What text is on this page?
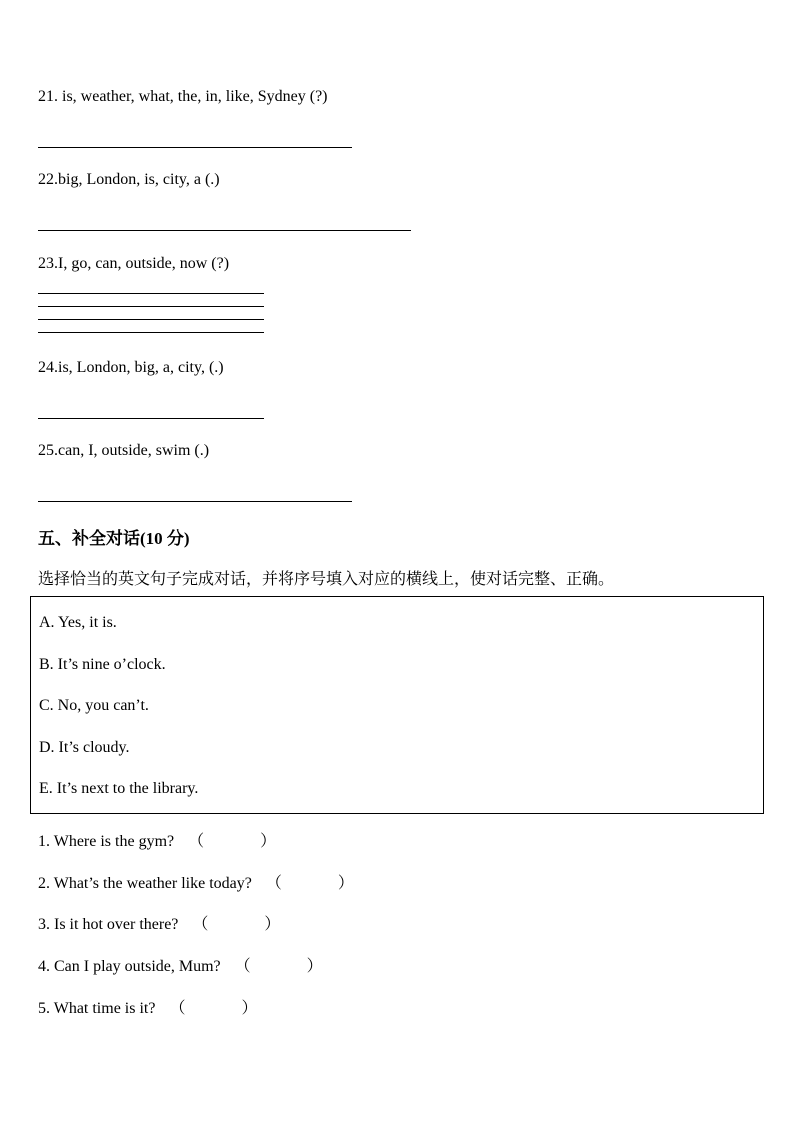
21. is, weather, what, the, in, like, Sydney (?)
22.big, London, is, city, a (.)
23.I, go, can, outside, now (?)
24.is, London, big, a, city, (.)
25.can, I, outside, swim (.)
五、补全对话(10 分)
选择恰当的英文句子完成对话，并将序号填入对应的横线上，使对话完整、正确。
A. Yes, it is.
B. It’s nine o’clock.
C. No, you can’t.
D. It’s cloudy.
E. It’s next to the library.
1. Where is the gym? （	）
2. What’s the weather like today? （	）
3. Is it hot over there? （	）
4. Can I play outside, Mum? （	）
5. What time is it? （	）
